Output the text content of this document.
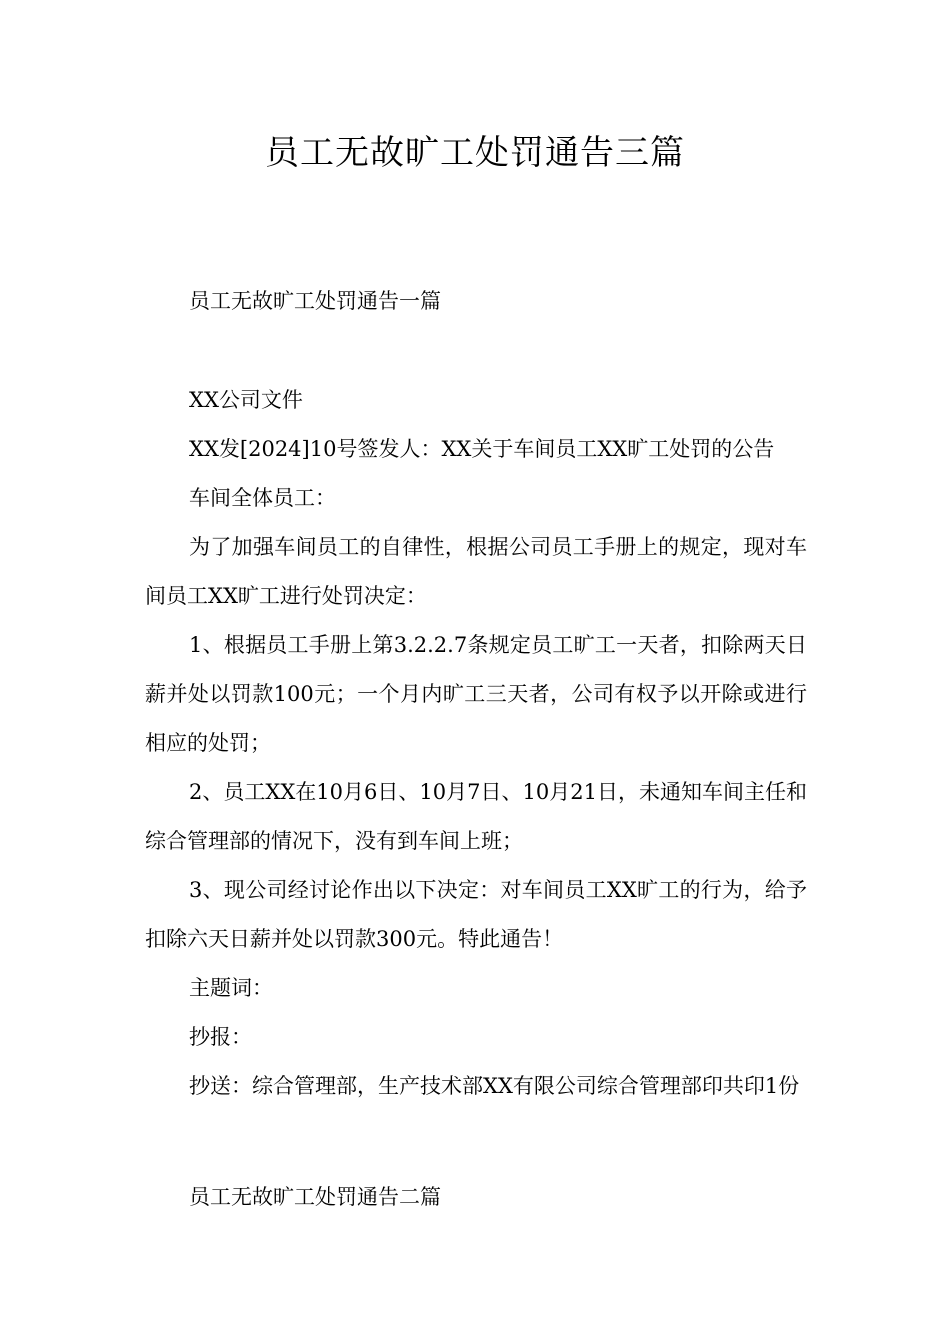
员工无故旷工处罚通告三篇

员工无故旷工处罚通告一篇

XX公司文件

XX发[2024]10号签发人：XX关于车间员工XX旷工处罚的公告

车间全体员工：

为了加强车间员工的自律性，根据公司员工手册上的规定，现对车间员工XX旷工进行处罚决定：

1、根据员工手册上第3.2.2.7条规定员工旷工一天者，扣除两天日薪并处以罚款100元；一个月内旷工三天者，公司有权予以开除或进行相应的处罚；

2、员工XX在10月6日、10月7日、10月21日，未通知车间主任和综合管理部的情况下，没有到车间上班；

3、现公司经讨论作出以下决定：对车间员工XX旷工的行为，给予扣除六天日薪并处以罚款300元。特此通告！

主题词：

抄报：

抄送：综合管理部，生产技术部XX有限公司综合管理部印共印1份

员工无故旷工处罚通告二篇
